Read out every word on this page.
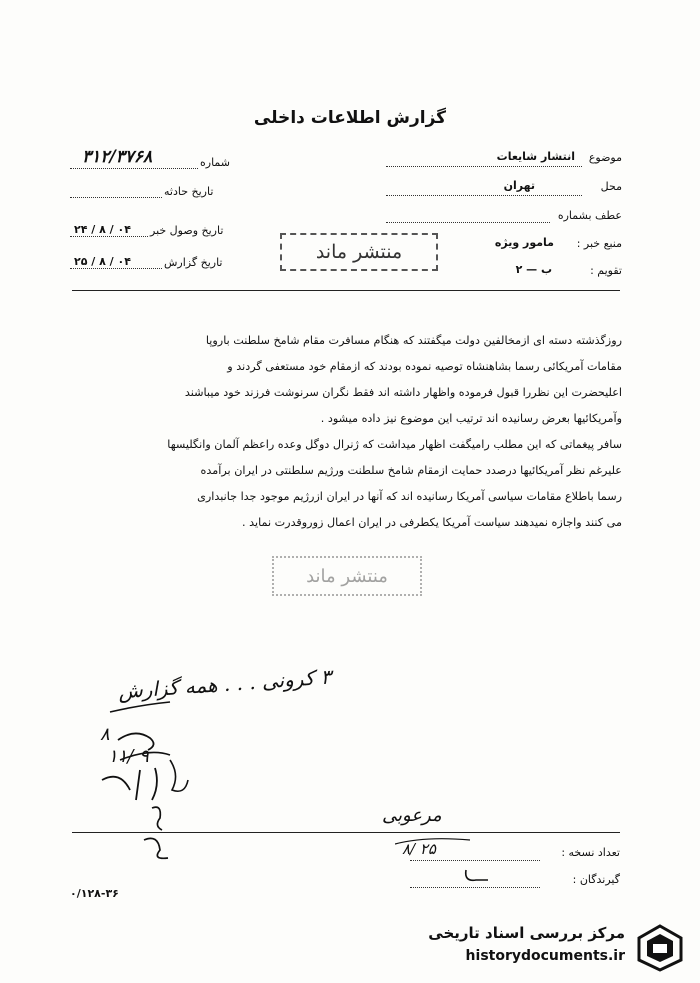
گزارش اطلاعات داخلی
موضوع
انتشار شایعات
محل
تهران
عطف بشماره
منبع خبر :
مامور ویژه
تقویم :
ب — ۲
شماره
۳۱۲/۳۷۶۸
تاریخ حادثه
تاریخ وصول خبر
۲۴ / ۸ / ۰۴
تاریخ گزارش
۲۵ / ۸ / ۰۴	منتشر ماند
روزگذشته دسته ای ازمخالفین دولت میگفتند که هنگام مسافرت مقام شامخ سلطنت باروپا
مقامات آمریکائی رسما بشاهنشاه توصیه نموده بودند که ازمقام خود مستعفی گردند و
اعلیحضرت این نظررا قبول فرموده واظهار داشته اند فقط نگران سرنوشت فرزند خود میباشند
وآمریکائیها بعرض رسانیده اند ترتیب این موضوع نیز داده میشود .
سافر پیغماتی که این مطلب رامیگفت اظهار میداشت که ژنرال دوگل وعده راعظم آلمان وانگلیسها
علیرغم نظر آمریکائیها درصدد حمایت ازمقام شامخ سلطنت ورژیم سلطنتی در ایران برآمده
رسما باطلاع مقامات سیاسی آمریکا رسانیده اند که آنها در ایران ازرژیم موجود جدا جانبداری
می کنند واجازه نمیدهند سیاست آمریکا یکطرفی در ایران اعمال زوروقدرت نماید .
منتشر ماند
۳ کرونی . . . همه گزارش
۱۱/ ۹
۸
مرعوبی
۸/ ۲۵	تعداد نسخه :
گیرندگان :
۰/۱۲۸-۳۶
مرکز بررسی اسناد تاریخی
historydocuments.ir
